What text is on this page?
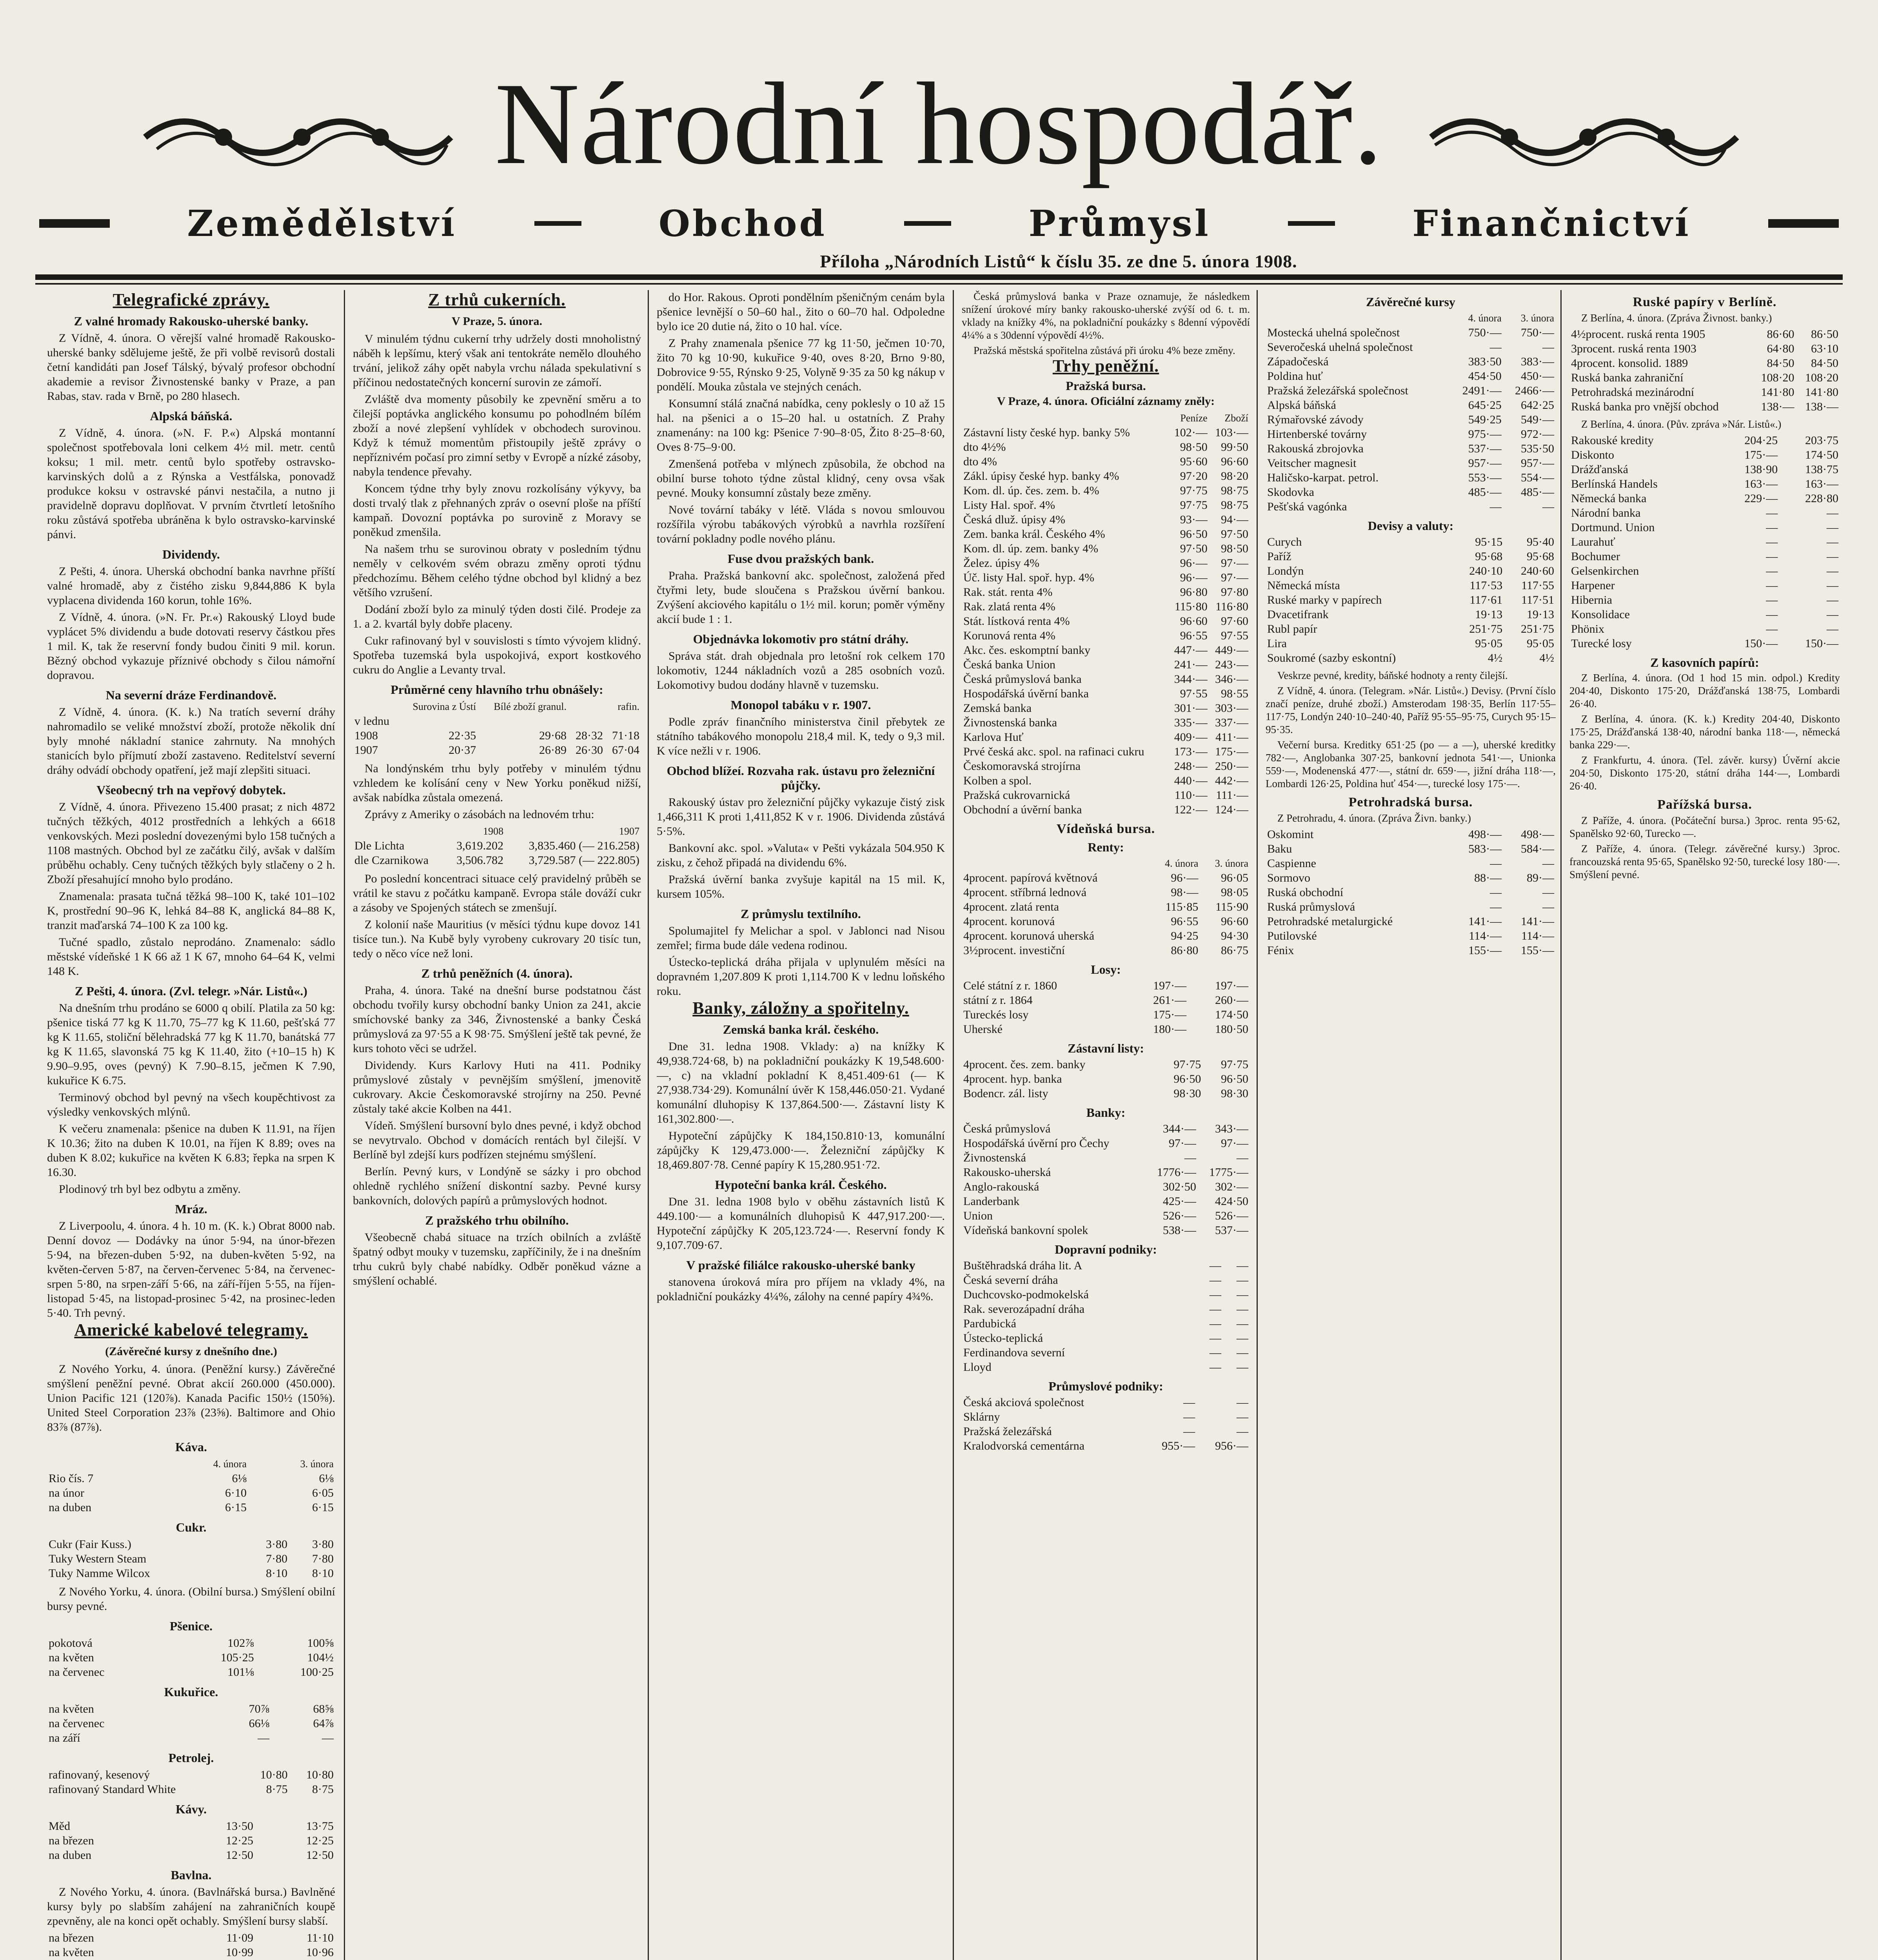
Národní hospodář.
Zemědělství	Obchod	Průmysl	Finančnictví
Příloha „Národních Listů“ k číslu 35. ze dne 5. února 1908.
Telegrafické zprávy.
Z valné hromady Rakousko-uherské banky.

Z Vídně, 4. února. O věrejší valné hromadě Rakousko-uherské banky sdělujeme ještě, že při volbě revisorů dostali četní kandidáti pan Josef Tálský, bývalý profesor obchodní akademie a revisor Živnostenské banky v Praze, a pan Rabas, stav. rada v Brně, po 280 hlasech.

Alpská báňská.

Z Vídně, 4. února. (»N. F. P.«) Alpská montanní společnost spotřebovala loni celkem 4½ mil. metr. centů koksu; 1 mil. metr. centů bylo spotřeby ostravsko-karvinských dolů a z Rýnska a Vestfálska, ponovadž produkce koksu v ostravské pánvi nestačila, a nutno ji pravidelně dopravu doplňovat. V prvním čtvrtletí letošního roku zůstává spotřeba ubráněna k bylo ostravsko-karvinské pánvi.

Dividendy.

Z Pešti, 4. února. Uherská obchodní banka navrhne příští valné hromadě, aby z čistého zisku 9,844,886 K byla vyplacena dividenda 160 korun, tohle 16%.

Z Vídně, 4. února. (»N. Fr. Pr.«) Rakouský Lloyd bude vyplácet 5% dividendu a bude dotovati reservy částkou přes 1 mil. K, tak že reservní fondy budou činiti 9 mil. korun. Bězný obchod vykazuje příznivé obchody s čilou námořní dopravou.

Na severní dráze Ferdinandově.

Z Vídně, 4. února. (K. k.) Na tratích severní dráhy nahromadilo se veliké množství zboží, protože několik dní byly mnohé nákladní stanice zahrnuty. Na mnohých stanicích bylo příjmutí zboží zastaveno. Reditelství severní dráhy odvádí obchody opatření, jež mají zlepšiti situaci.

Všeobecný trh na vepřový dobytek.

Z Vídně, 4. února. Přivezeno 15.400 prasat; z nich 4872 tučných těžkých, 4012 prostředních a lehkých a 6618 venkovských. Mezi poslední dovezenými bylo 158 tučných a 1108 mastných. Obchod byl ze začátku čilý, avšak v dalším průběhu ochably. Ceny tučných těžkých byly stlačeny o 2 h. Zboží přesahující mnoho bylo prodáno.

Znamenala: prasata tučná těžká 98–100 K, také 101–102 K, prostřední 90–96 K, lehká 84–88 K, anglická 84–88 K, tranzit maďarská 74–100 K za 100 kg.

Tučné spadlo, zůstalo neprodáno. Znamenalo: sádlo městské vídeňské 1 K 66 až 1 K 67, mnoho 64–64 K, velmi 148 K.

Z Pešti, 4. února. (Zvl. telegr. »Nár. Listů«.)

Na dnešním trhu prodáno se 6000 q obilí. Platila za 50 kg: pšenice tiská 77 kg K 11.70, 75–77 kg K 11.60, pešťská 77 kg K 11.65, stoliční bělehradská 77 kg K 11.70, banátská 77 kg K 11.65, slavonská 75 kg K 11.40, žito (+10–15 h) K 9.90–9.95, oves (pevný) K 7.90–8.15, ječmen K 7.90, kukuřice K 6.75.

Terminový obchod byl pevný na všech koupěchtivost za výsledky venkovských mlýnů.

K večeru znamenala: pšenice na duben K 11.91, na říjen K 10.36; žito na duben K 10.01, na říjen K 8.89; oves na duben K 8.02; kukuřice na květen K 6.83; řepka na srpen K 16.30.

Plodinový trh byl bez odbytu a změny.

Mráz.

Z Liverpoolu, 4. února. 4 h. 10 m. (K. k.) Obrat 8000 nab. Denní dovoz — Dodávky na únor 5·94, na únor-březen 5·94, na březen-duben 5·92, na duben-květen 5·92, na květen-červen 5·87, na červen-červenec 5·84, na červenec-srpen 5·80, na srpen-září 5·66, na září-říjen 5·55, na říjen-listopad 5·45, na listopad-prosinec 5·42, na prosinec-leden 5·40. Trh pevný.

Americké kabelové telegramy.
(Závěrečné kursy z dnešního dne.)

Z Nového Yorku, 4. února. (Peněžní kursy.) Závěrečné smýšlení peněžní pevné. Obrat akcií 260.000 (450.000). Union Pacific 121 (120⅞). Kanada Pacific 150½ (150⅝). United Steel Corporation 23⅞ (23⅝). Baltimore and Ohio 83⅞ (87⅞).

Káva.
	4. února	3. února
Rio čís. 7	6⅛	6⅛
na únor	6·10	6·05
na duben	6·15	6·15
Cukr.
Cukr (Fair Kuss.)	3·80	3·80
Tuky Western Steam	7·80	7·80
Tuky Namme Wilcox	8·10	8·10

Z Nového Yorku, 4. února. (Obilní bursa.) Smýšlení obilní bursy pevné.

Pšenice.
pokotová	102⅞	100⅝
na květen	105·25	104½
na červenec	101⅛	100·25
Kukuřice.
na květen	70⅞	68⅝
na červenec	66⅛	64⅞
na září	—	—
Petrolej.
rafinovaný, kesenový	10·80	10·80
rafinovaný Standard White	8·75	8·75
Kávy.
Měd	13·50	13·75
na březen	12·25	12·25
na duben	12·50	12·50
Bavlna.

Z Nového Yorku, 4. února. (Bavlnářská bursa.) Bavlněné kursy byly po slabším zahájení na zahraničních koupě zpevněny, ale na konci opět ochably. Smýšlení bursy slabší.

na březen	11·09	11·10
na květen	10·99	10·96

Z trhů cukerních.
V Praze, 5. února.

V minulém týdnu cukerní trhy udržely dosti mnoholistný náběh k lepšímu, který však ani tentokráte nemělo dlouhého trvání, jelikož záhy opět nabyla vrchu nálada spekulativní s příčinou nedostatečných koncerní surovin ze zámoří.

Zvláště dva momenty působily ke zpevnění směru a to čilejší poptávka anglického konsumu po pohodlném bílém zboží a nové zlepšení vyhlídek v obchodech surovinou. Když k témuž momentům přistoupily ještě zprávy o nepříznivém počasí pro zimní setby v Evropě a nízké zásoby, nabyla tendence převahy.

Koncem týdne trhy byly znovu rozkolísány výkyvy, ba dosti trvalý tlak z přehnaných zpráv o osevní ploše na příští kampaň. Dovozní poptávka po surovině z Moravy se poněkud zmenšila.

Na našem trhu se surovinou obraty v posledním týdnu neměly v celkovém svém obrazu změny oproti týdnu předchozímu. Během celého týdne obchod byl klidný a bez většího vzrušení.

Dodání zboží bylo za minulý týden dosti čilé. Prodeje za 1. a 2. kvartál byly dobře placeny.

Cukr rafinovaný byl v souvislosti s tímto vývojem klidný. Spotřeba tuzemská byla uspokojivá, export kostkového cukru do Anglie a Levanty trval.

Průměrné ceny hlavního trhu obnášely:
	Surovina z Ústí	Bílé zboží granul.		rafin.
v lednu				
1908	22·35	29·68	28·32	71·18
1907	20·37	26·89	26·30	67·04

Na londýnském trhu byly potřeby v minulém týdnu vzhledem ke kolísání ceny v New Yorku poněkud nižší, avšak nabídka zůstala omezená.

Zprávy z Ameriky o zásobách na lednovém trhu:

	1908	1907
Dle Lichta	3,619.202	3,835.460 (— 216.258)
dle Czarnikowa	3,506.782	3,729.587 (— 222.805)

Po poslední koncentraci situace celý pravidelný průběh se vrátil ke stavu z počátku kampaně. Evropa stále dováží cukr a zásoby ve Spojených státech se zmenšují.

Z kolonií naše Mauritius (v měsíci týdnu kupe dovoz 141 tisíce tun.). Na Kubě byly vyrobeny cukrovary 20 tisíc tun, tedy o něco více než loni.

Z trhů peněžních (4. února).

Praha, 4. února. Také na dnešní burse podstatnou část obchodu tvořily kursy obchodní banky Union za 241, akcie smíchovské banky za 346, Živnostenské a banky Česká průmyslová za 97·55 a K 98·75. Smýšlení ještě tak pevné, že kurs tohoto věci se udržel.

Dividendy. Kurs Karlovy Huti na 411. Podniky průmyslové zůstaly v pevnějším smýšlení, jmenovitě cukrovary. Akcie Českomoravské strojírny na 250. Pevné zůstaly také akcie Kolben na 441.

Vídeň. Smýšlení bursovní bylo dnes pevné, i když obchod se nevytrvalo. Obchod v domácích rentách byl čilejší. V Berlíně byl zdejší kurs podřízen stejnému smýšlení.

Berlín. Pevný kurs, v Londýně se sázky i pro obchod ohledně rychlého snížení diskontní sazby. Pevné kursy bankovních, dolových papírů a průmyslových hodnot.

Z pražského trhu obilního.

Všeobecně chabá situace na trzích obilních a zvláště špatný odbyt mouky v tuzemsku, zapříčinily, že i na dnešním trhu cukrů byly chabé nabídky. Odběr poněkud vázne a smýšlení ochablé.

do Hor. Rakous. Oproti pondělním pšeničným cenám byla pšenice levnější o 50–60 hal., žito o 60–70 hal. Odpoledne bylo ice 20 dutie ná, žito o 10 hal. více.

Z Prahy znamenala pšenice 77 kg 11·50, ječmen 10·70, žito 70 kg 10·90, kukuřice 9·40, oves 8·20, Brno 9·80, Dobrovice 9·55, Rýnsko 9·25, Volyně 9·35 za 50 kg nákup v pondělí. Mouka zůstala ve stejných cenách.

Konsumní stálá značná nabídka, ceny poklesly o 10 až 15 hal. na pšenici a o 15–20 hal. u ostatních. Z Prahy znamenány: na 100 kg: Pšenice 7·90–8·05, Žito 8·25–8·60, Oves 8·75–9·00.

Zmenšená potřeba v mlýnech způsobila, že obchod na obilní burse tohoto týdne zůstal klidný, ceny ovsa však pevné. Mouky konsumní zůstaly beze změny.

Nové tovární tabáky v létě. Vláda s novou smlouvou rozšířila výrobu tabákových výrobků a navrhla rozšíření tovární pokladny podle nového plánu.

Fuse dvou pražských bank.

Praha. Pražská bankovní akc. společnost, založená před čtyřmi lety, bude sloučena s Pražskou úvěrní bankou. Zvýšení akciového kapitálu o 1½ mil. korun; poměr výměny akcií bude 1 : 1.

Objednávka lokomotiv pro státní dráhy.

Správa stát. drah objednala pro letošní rok celkem 170 lokomotiv, 1244 nákladních vozů a 285 osobních vozů. Lokomotivy budou dodány hlavně v tuzemsku.

Monopol tabáku v r. 1907.

Podle zpráv finančního ministerstva činil přebytek ze státního tabákového monopolu 218,4 mil. K, tedy o 9,3 mil. K více nežli v r. 1906.

Obchod blížeí. Rozvaha rak. ústavu pro železniční půjčky.

Rakouský ústav pro železniční půjčky vykazuje čistý zisk 1,466,311 K proti 1,411,852 K v r. 1906. Dividenda zůstává 5·5%.

Bankovní akc. spol. »Valuta« v Pešti vykázala 504.950 K zisku, z čehož připadá na dividendu 6%.

Pražská úvěrní banka zvyšuje kapitál na 15 mil. K, kursem 105%.

Z průmyslu textilního.

Spolumajitel fy Melichar a spol. v Jablonci nad Nisou zemřel; firma bude dále vedena rodinou.

Ústecko-teplická dráha přijala v uplynulém měsíci na dopravném 1,207.809 K proti 1,114.700 K v lednu loňského roku.

Banky, záložny a spořitelny.
Zemská banka král. českého.

Dne 31. ledna 1908. Vklady: a) na knížky K 49,938.724·68, b) na pokladniční poukázky K 19,548.600·—, c) na vkladní pokladní K 8,451.409·61 (— K 27,938.734·29). Komunální úvěr K 158,446.050·21. Vydané komunální dluhopisy K 137,864.500·—. Zástavní listy K 161,302.800·—.

Hypoteční zápůjčky K 184,150.810·13, komunální zápůjčky K 129,473.000·—. Železniční zápůjčky K 18,469.807·78. Cenné papíry K 15,280.951·72.

Hypoteční banka král. Českého.

Dne 31. ledna 1908 bylo v oběhu zástavních listů K 449.100·— a komunálních dluhopisů K 447,917.200·—. Hypoteční zápůjčky K 205,123.724·—. Reservní fondy K 9,107.709·67.

V pražské filiálce rakousko-uherské banky

stanovena úroková míra pro příjem na vklady 4%, na pokladniční poukázky 4¼%, zálohy na cenné papíry 4¾%.

Česká průmyslová banka v Praze oznamuje, že následkem snížení úrokové míry banky rakousko-uherské zvýší od 6. t. m. vklady na knížky 4%, na pokladniční poukázky s 8denní výpovědí 4¼% a s 30denní výpovědí 4½%.

Pražská městská spořitelna zůstává při úroku 4% beze změny.

Trhy peněžní.
Pražská bursa.
V Praze, 4. února. Oficiální záznamy zněly:
	Peníze	Zboží
Zástavní listy české hyp. banky 5%	102·—	103·—
dto 4½%	98·50	99·50
dto 4%	95·60	96·60
Zákl. úpisy české hyp. banky 4%	97·20	98·20
Kom. dl. úp. čes. zem. b. 4%	97·75	98·75
Listy Hal. spoř. 4%	97·75	98·75
Česká dluž. úpisy 4%	93·—	94·—
Zem. banka král. Českého 4%	96·50	97·50
Kom. dl. úp. zem. banky 4%	97·50	98·50
Želez. úpisy 4%	96·—	97·—
Úč. listy Hal. spoř. hyp. 4%	96·—	97·—
Rak. stát. renta 4%	96·80	97·80
Rak. zlatá renta 4%	115·80	116·80
Stát. lístková renta 4%	96·60	97·60
Korunová renta 4%	96·55	97·55
Akc. čes. eskomptní banky	447·—	449·—
Česká banka Union	241·—	243·—
Česká průmyslová banka	344·—	346·—
Hospodářská úvěrní banka	97·55	98·55
Zemská banka	301·—	303·—
Živnostenská banka	335·—	337·—
Karlova Huť	409·—	411·—
Prvé česká akc. spol. na rafinaci cukru	173·—	175·—
Českomoravská strojírna	248·—	250·—
Kolben a spol.	440·—	442·—
Pražská cukrovarnická	110·—	111·—
Obchodní a úvěrní banka	122·—	124·—
Vídeňská bursa.
Renty:
	4. února	3. února
4procent. papírová květnová	96·—	96·05
4procent. stříbrná lednová	98·—	98·05
4procent. zlatá renta	115·85	115·90
4procent. korunová	96·55	96·60
4procent. korunová uherská	94·25	94·30
3½procent. investiční	86·80	86·75
Losy:
Celé státní z r. 1860	197·—	197·—
státní z r. 1864	261·—	260·—
Tureckés losy	175·—	174·50
Uherské	180·—	180·50
Zástavní listy:
4procent. čes. zem. banky	97·75	97·75
4procent. hyp. banka	96·50	96·50
Bodencr. zál. listy	98·30	98·30
Banky:
Česká průmyslová	344·—	343·—
Hospodářská úvěrní pro Čechy	97·—	97·—
Živnostenská	—	—
Rakousko-uherská	1776·—	1775·—
Anglo-rakouská	302·50	302·—
Landerbank	425·—	424·50
Union	526·—	526·—
Vídeňská bankovní spolek	538·—	537·—
Dopravní podniky:
Buštěhradská dráha lit. A	—	—
Česká severní dráha	—	—
Duchcovsko-podmokelská	—	—
Rak. severozápadní dráha	—	—
Pardubická	—	—
Ústecko-teplická	—	—
Ferdinandova severní	—	—
Lloyd	—	—
Průmyslové podniky:
Česká akciová společnost	—	—
Sklárny	—	—
Pražská železářská	—	—
Kralodvorská cementárna	955·—	956·—
Závěrečné kursy
	4. února	3. února
Mostecká uhelná společnost	750·—	750·—
Severočeská uhelná společnost	—	—
Západočeská	383·50	383·—
Poldina huť	454·50	450·—
Pražská železářská společnost	2491·—	2466·—
Alpská báňská	645·25	642·25
Rýmařovské závody	549·25	549·—
Hirtenberské továrny	975·—	972·—
Rakouská zbrojovka	537·—	535·50
Veitscher magnesit	957·—	957·—
Haličsko-karpat. petrol.	553·—	554·—
Skodovka	485·—	485·—
Pešťská vagónka	—	—
Devisy a valuty:
Curych	95·15	95·40
Paříž	95·68	95·68
Londýn	240·10	240·60
Německá místa	117·53	117·55
Ruské marky v papírech	117·61	117·51
Dvacetifrank	19·13	19·13
Rubl papír	251·75	251·75
Lira	95·05	95·05
Soukromé (sazby eskontní)	4½	4½

Veskrze pevné, kredity, báňské hodnoty a renty čilejší.

Z Vídně, 4. února. (Telegram. »Nár. Listů«.) Devisy. (První číslo značí peníze, druhé zboží.) Amsterodam 198·35, Berlín 117·55–117·75, Londýn 240·10–240·40, Paříž 95·55–95·75, Curych 95·15–95·35.

Večerní bursa. Kreditky 651·25 (po — a —), uherské kreditky 782·—, Anglobanka 307·25, bankovní jednota 541·—, Unionka 559·—, Modenenská 477·—, státní dr. 659·—, jižní dráha 118·—, Lombardi 126·25, Poldina huť 454·—, turecké losy 175·—.

Petrohradská bursa.

Z Petrohradu, 4. února. (Zpráva Živn. banky.)

Oskomint	498·—	498·—
Baku	583·—	584·—
Caspienne	—	—
Sormovo	88·—	89·—
Ruská obchodní	—	—
Ruská průmyslová	—	—
Petrohradské metalurgické	141·—	141·—
Putilovské	114·—	114·—
Fénix	155·—	155·—
Ruské papíry v Berlíně.

Z Berlína, 4. února. (Zpráva Živnost. banky.)

4½procent. ruská renta 1905	86·60	86·50
3procent. ruská renta 1903	64·80	63·10
4procent. konsolid. 1889	84·50	84·50
Ruská banka zahraniční	108·20	108·20
Petrohradská mezinárodní	141·80	141·80
Ruská banka pro vnější obchod	138·—	138·—

Z Berlína, 4. února. (Pův. zpráva »Nár. Listů«.)

Rakouské kredity	204·25	203·75
Diskonto	175·—	174·50
Drážďanská	138·90	138·75
Berlínská Handels	163·—	163·—
Německá banka	229·—	228·80
Národní banka	—	—
Dortmund. Union	—	—
Laurahuť	—	—
Bochumer	—	—
Gelsenkirchen	—	—
Harpener	—	—
Hibernia	—	—
Konsolidace	—	—
Phönix	—	—
Turecké losy	150·—	150·—
Z kasovních papírů:

Z Berlína, 4. února. (Od 1 hod 15 min. odpol.) Kredity 204·40, Diskonto 175·20, Drážďanská 138·75, Lombardi 26·40.

Z Berlína, 4. února. (K. k.) Kredity 204·40, Diskonto 175·25, Drážďanská 138·40, národní banka 118·—, německá banka 229·—.

Z Frankfurtu, 4. února. (Tel. závěr. kursy) Úvěrní akcie 204·50, Diskonto 175·20, státní dráha 144·—, Lombardi 26·40.

Pařížská bursa.

Z Paříže, 4. února. (Počáteční bursa.) 3proc. renta 95·62, Spanělsko 92·60, Turecko —.

Z Paříže, 4. února. (Telegr. závěrečné kursy.) 3proc. francouzská renta 95·65, Spanělsko 92·50, turecké losy 180·—. Smýšlení pevné.
